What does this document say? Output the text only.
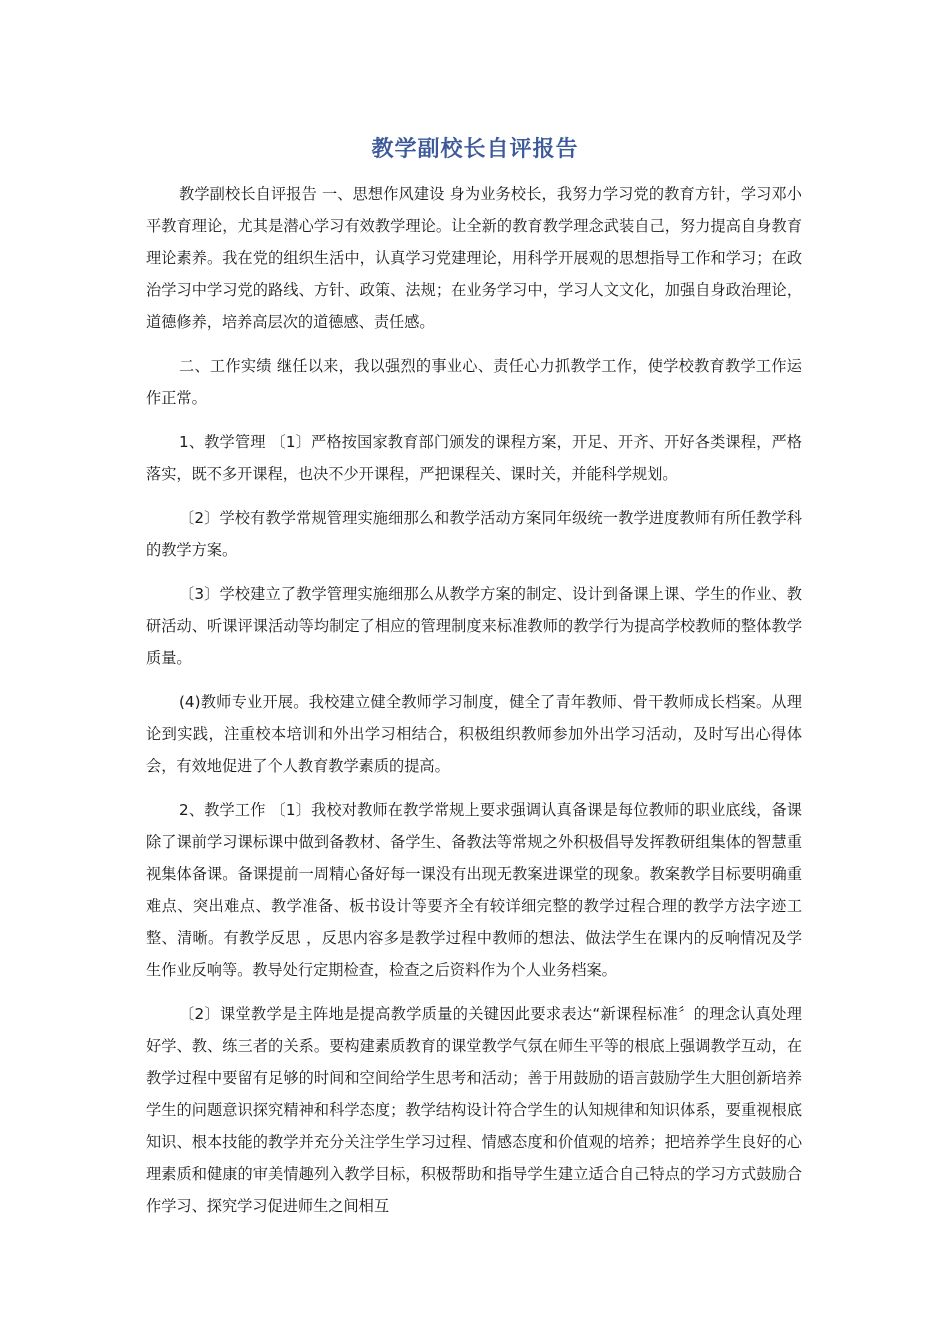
教学副校长自评报告

教学副校长自评报告 一、思想作风建设 身为业务校长，我努力学习党的教育方针，学习邓小平教育理论，尤其是潜心学习有效教学理论。让全新的教育教学理念武装自己，努力提高自身教育理论素养。我在党的组织生活中，认真学习党建理论，用科学开展观的思想指导工作和学习；在政治学习中学习党的路线、方针、政策、法规；在业务学习中，学习人文文化，加强自身政治理论，道德修养，培养高层次的道德感、责任感。

二、工作实绩 继任以来，我以强烈的事业心、责任心力抓教学工作，使学校教育教学工作运作正常。

1、教学管理 〔1〕严格按国家教育部门颁发的课程方案，开足、开齐、开好各类课程，严格落实，既不多开课程，也决不少开课程，严把课程关、课时关，并能科学规划。

〔2〕学校有教学常规管理实施细那么和教学活动方案同年级统一教学进度教师有所任教学科的教学方案。

〔3〕学校建立了教学管理实施细那么从教学方案的制定、设计到备课上课、学生的作业、教研活动、听课评课活动等均制定了相应的管理制度来标准教师的教学行为提高学校教师的整体教学质量。

(4)教师专业开展。我校建立健全教师学习制度，健全了青年教师、骨干教师成长档案。从理论到实践，注重校本培训和外出学习相结合，积极组织教师参加外出学习活动，及时写出心得体会，有效地促进了个人教育教学素质的提高。

2、教学工作 〔1〕我校对教师在教学常规上要求强调认真备课是每位教师的职业底线，备课除了课前学习课标课中做到备教材、备学生、备教法等常规之外积极倡导发挥教研组集体的智慧重视集体备课。备课提前一周精心备好每一课没有出现无教案进课堂的现象。教案教学目标要明确重难点、突出难点、教学准备、板书设计等要齐全有较详细完整的教学过程合理的教学方法字迹工整、清晰。有教学反思 ，反思内容多是教学过程中教师的想法、做法学生在课内的反响情况及学生作业反响等。教导处行定期检查，检查之后资料作为个人业务档案。

〔2〕课堂教学是主阵地是提高教学质量的关键因此要求表达“新课程标准〞的理念认真处理好学、教、练三者的关系。要构建素质教育的课堂教学气氛在师生平等的根底上强调教学互动，在教学过程中要留有足够的时间和空间给学生思考和活动；善于用鼓励的语言鼓励学生大胆创新培养学生的问题意识探究精神和科学态度；教学结构设计符合学生的认知规律和知识体系，要重视根底知识、根本技能的教学并充分关注学生学习过程、情感态度和价值观的培养；把培养学生良好的心理素质和健康的审美情趣列入教学目标，积极帮助和指导学生建立适合自己特点的学习方式鼓励合作学习、探究学习促进师生之间相互
